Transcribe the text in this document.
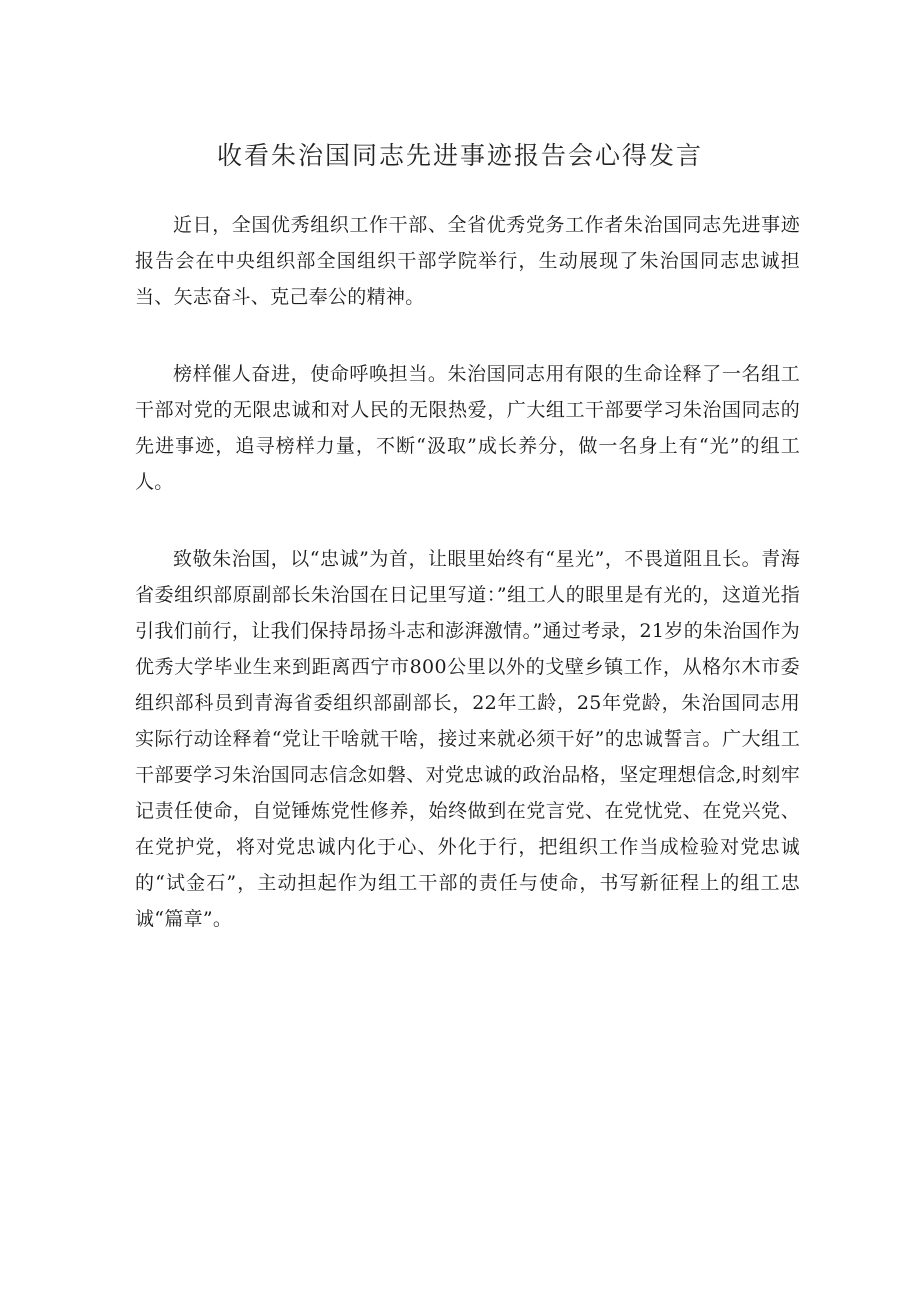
收看朱治国同志先进事迹报告会心得发言

近日，全国优秀组织工作干部、全省优秀党务工作者朱治国同志先进事迹报告会在中央组织部全国组织干部学院举行，生动展现了朱治国同志忠诚担当、矢志奋斗、克己奉公的精神。

榜样催人奋进，使命呼唤担当。朱治国同志用有限的生命诠释了一名组工干部对党的无限忠诚和对人民的无限热爱，广大组工干部要学习朱治国同志的先进事迹，追寻榜样力量，不断“汲取”成长养分，做一名身上有“光”的组工人。

致敬朱治国，以“忠诚”为首，让眼里始终有“星光”，不畏道阻且长。青海省委组织部原副部长朱治国在日记里写道：”组工人的眼里是有光的，这道光指引我们前行，让我们保持昂扬斗志和澎湃激情。”通过考录，21岁的朱治国作为优秀大学毕业生来到距离西宁市800公里以外的戈壁乡镇工作，从格尔木市委组织部科员到青海省委组织部副部长，22年工龄，25年党龄，朱治国同志用实际行动诠释着“党让干啥就干啥，接过来就必须干好”的忠诚誓言。广大组工干部要学习朱治国同志信念如磐、对党忠诚的政治品格，坚定理想信念,时刻牢记责任使命，自觉锤炼党性修养，始终做到在党言党、在党忧党、在党兴党、在党护党，将对党忠诚内化于心、外化于行，把组织工作当成检验对党忠诚的“试金石”，主动担起作为组工干部的责任与使命，书写新征程上的组工忠诚“篇章”。
